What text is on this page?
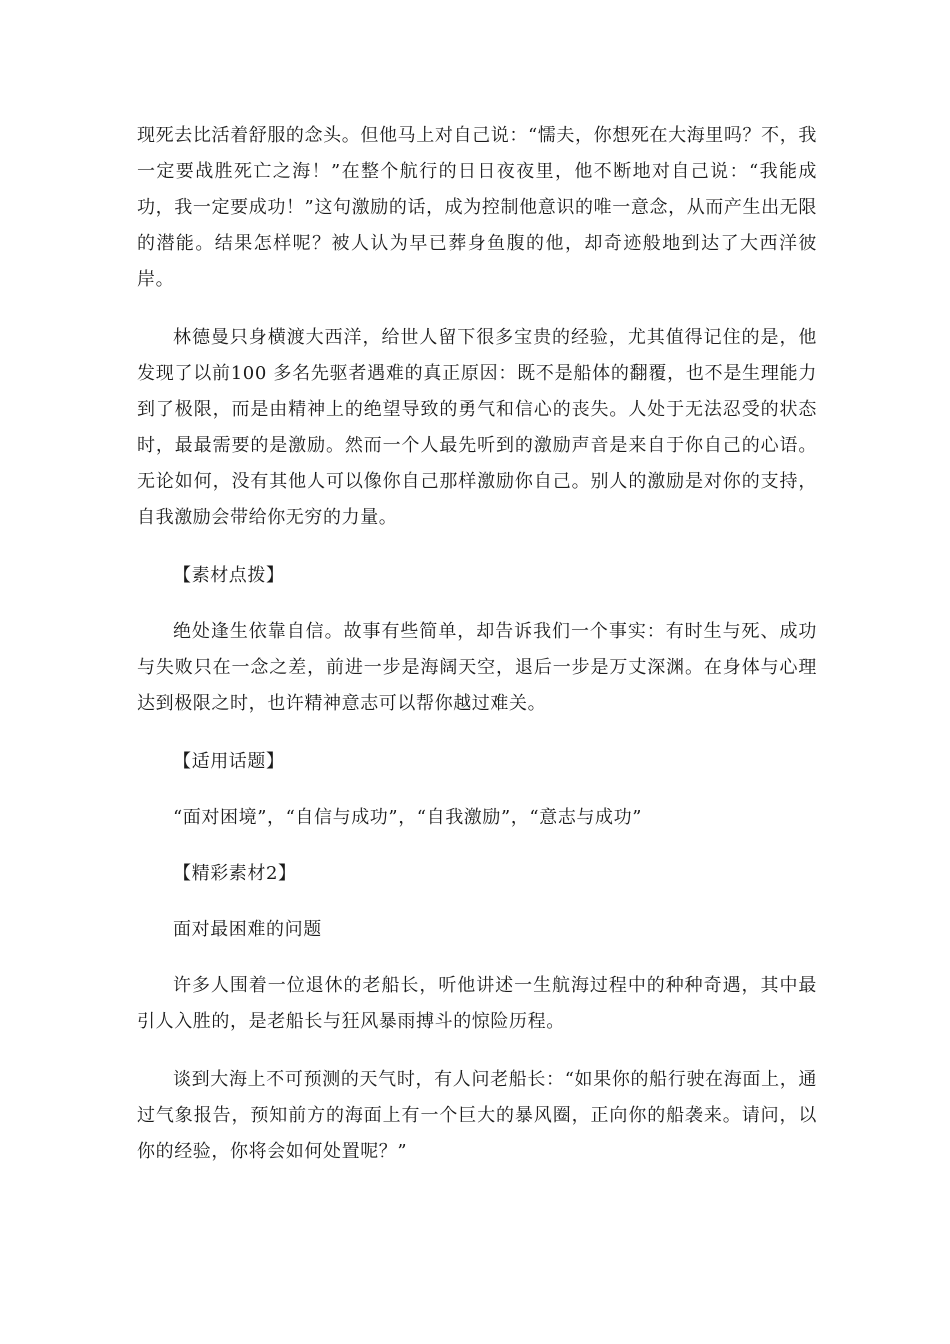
现死去比活着舒服的念头。但他马上对自己说：“懦夫，你想死在大海里吗？不，我一定要战胜死亡之海！”在整个航行的日日夜夜里，他不断地对自己说：“我能成功，我一定要成功！”这句激励的话，成为控制他意识的唯一意念，从而产生出无限的潜能。结果怎样呢？被人认为早已葬身鱼腹的他，却奇迹般地到达了大西洋彼岸。

林德曼只身横渡大西洋，给世人留下很多宝贵的经验，尤其值得记住的是，他发现了以前100 多名先驱者遇难的真正原因：既不是船体的翻覆，也不是生理能力到了极限，而是由精神上的绝望导致的勇气和信心的丧失。人处于无法忍受的状态时，最最需要的是激励。然而一个人最先听到的激励声音是来自于你自己的心语。无论如何，没有其他人可以像你自己那样激励你自己。别人的激励是对你的支持，自我激励会带给你无穷的力量。

【素材点拨】

绝处逢生依靠自信。故事有些简单，却告诉我们一个事实：有时生与死、成功与失败只在一念之差，前进一步是海阔天空，退后一步是万丈深渊。在身体与心理达到极限之时，也许精神意志可以帮你越过难关。

【适用话题】

“面对困境”，“自信与成功”，“自我激励”，“意志与成功”

【精彩素材2】

面对最困难的问题

许多人围着一位退休的老船长，听他讲述一生航海过程中的种种奇遇，其中最引人入胜的，是老船长与狂风暴雨搏斗的惊险历程。

谈到大海上不可预测的天气时，有人问老船长：“如果你的船行驶在海面上，通过气象报告，预知前方的海面上有一个巨大的暴风圈，正向你的船袭来。请问，以你的经验，你将会如何处置呢？”
